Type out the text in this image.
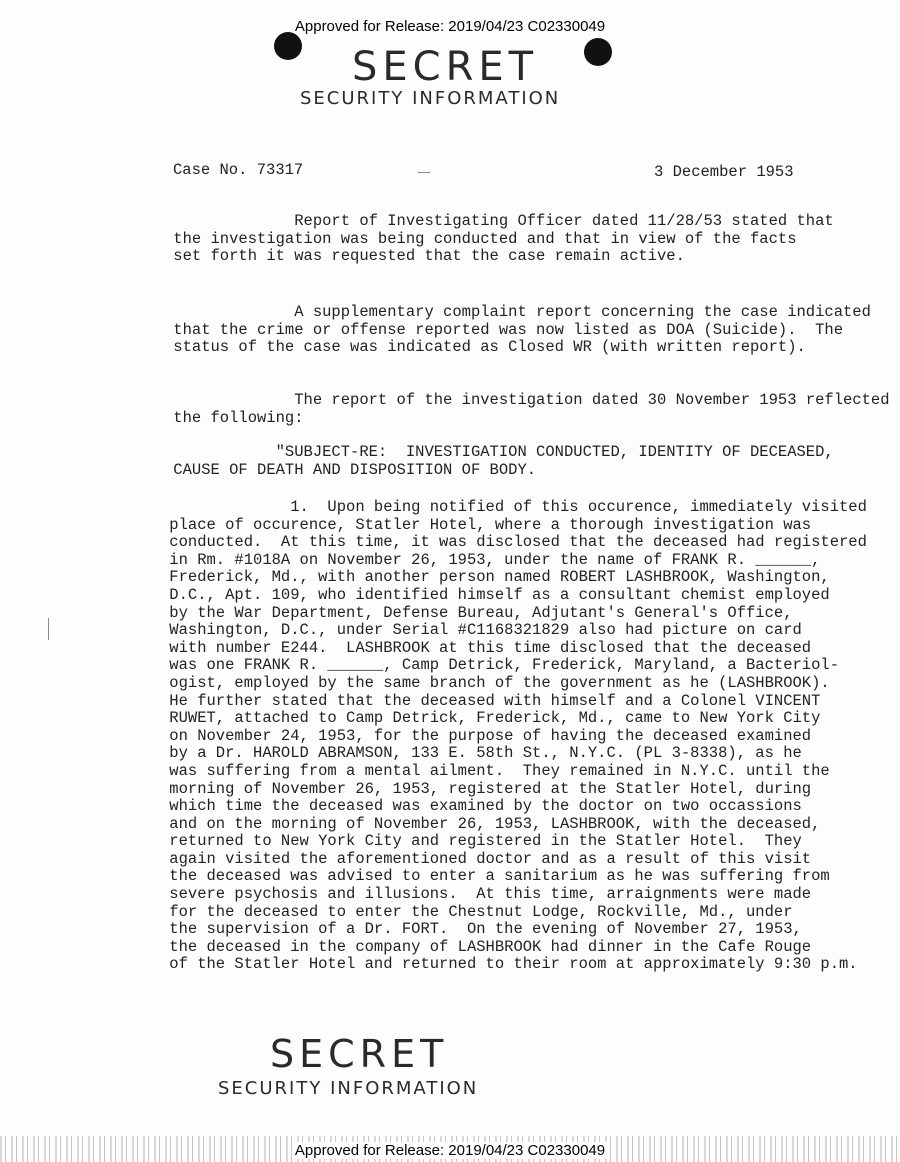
Approved for Release: 2019/04/23 C02330049
SECRET
SECURITY INFORMATION
Case No. 73317	3 December 1953
Report of Investigating Officer dated 11/28/53 stated that
the investigation was being conducted and that in view of the facts
set forth it was requested that the case remain active.
A supplementary complaint report concerning the case indicated
that the crime or offense reported was now listed as DOA (Suicide).  The
status of the case was indicated as Closed WR (with written report).
The report of the investigation dated 30 November 1953 reflected
the following:
"SUBJECT-RE:  INVESTIGATION CONDUCTED, IDENTITY OF DECEASED,
CAUSE OF DEATH AND DISPOSITION OF BODY.
1.  Upon being notified of this occurence, immediately visited
place of occurence, Statler Hotel, where a thorough investigation was
conducted.  At this time, it was disclosed that the deceased had registered
in Rm. #1018A on November 26, 1953, under the name of FRANK R. ______,
Frederick, Md., with another person named ROBERT LASHBROOK, Washington,
D.C., Apt. 109, who identified himself as a consultant chemist employed
by the War Department, Defense Bureau, Adjutant's General's Office,
Washington, D.C., under Serial #C1168321829 also had picture on card
with number E244.  LASHBROOK at this time disclosed that the deceased
was one FRANK R. ______, Camp Detrick, Frederick, Maryland, a Bacteriol-
ogist, employed by the same branch of the government as he (LASHBROOK).
He further stated that the deceased with himself and a Colonel VINCENT
RUWET, attached to Camp Detrick, Frederick, Md., came to New York City
on November 24, 1953, for the purpose of having the deceased examined
by a Dr. HAROLD ABRAMSON, 133 E. 58th St., N.Y.C. (PL 3-8338), as he
was suffering from a mental ailment.  They remained in N.Y.C. until the
morning of November 26, 1953, registered at the Statler Hotel, during
which time the deceased was examined by the doctor on two occassions
and on the morning of November 26, 1953, LASHBROOK, with the deceased,
returned to New York City and registered in the Statler Hotel.  They
again visited the aforementioned doctor and as a result of this visit
the deceased was advised to enter a sanitarium as he was suffering from
severe psychosis and illusions.  At this time, arraignments were made
for the deceased to enter the Chestnut Lodge, Rockville, Md., under
the supervision of a Dr. FORT.  On the evening of November 27, 1953,
the deceased in the company of LASHBROOK had dinner in the Cafe Rouge
of the Statler Hotel and returned to their room at approximately 9:30 p.m.
SECRET
SECURITY INFORMATION
Approved for Release: 2019/04/23 C02330049
